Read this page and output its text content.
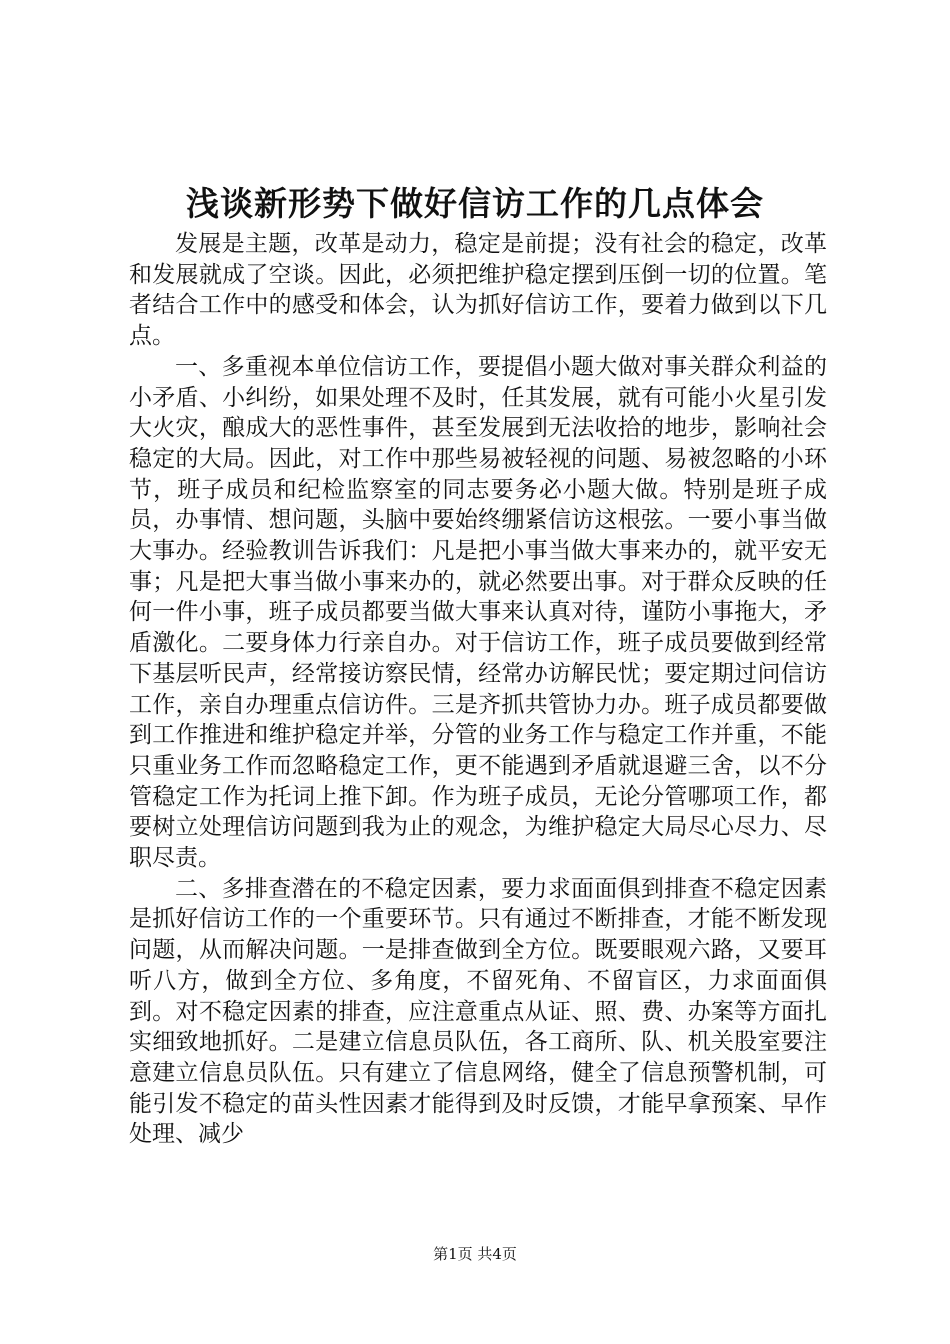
浅谈新形势下做好信访工作的几点体会

发展是主题，改革是动力，稳定是前提；没有社会的稳定，改革和发展就成了空谈。因此，必须把维护稳定摆到压倒一切的位置。笔者结合工作中的感受和体会，认为抓好信访工作，要着力做到以下几点。

一、多重视本单位信访工作，要提倡小题大做对事关群众利益的小矛盾、小纠纷，如果处理不及时，任其发展，就有可能小火星引发大火灾，酿成大的恶性事件，甚至发展到无法收拾的地步，影响社会稳定的大局。因此，对工作中那些易被轻视的问题、易被忽略的小环节，班子成员和纪检监察室的同志要务必小题大做。特别是班子成员，办事情、想问题，头脑中要始终绷紧信访这根弦。一要小事当做大事办。经验教训告诉我们：凡是把小事当做大事来办的，就平安无事；凡是把大事当做小事来办的，就必然要出事。对于群众反映的任何一件小事，班子成员都要当做大事来认真对待，谨防小事拖大，矛盾激化。二要身体力行亲自办。对于信访工作，班子成员要做到经常下基层听民声，经常接访察民情，经常办访解民忧；要定期过问信访工作，亲自办理重点信访件。三是齐抓共管协力办。班子成员都要做到工作推进和维护稳定并举，分管的业务工作与稳定工作并重，不能只重业务工作而忽略稳定工作，更不能遇到矛盾就退避三舍，以不分管稳定工作为托词上推下卸。作为班子成员，无论分管哪项工作，都要树立处理信访问题到我为止的观念，为维护稳定大局尽心尽力、尽职尽责。

二、多排查潜在的不稳定因素，要力求面面俱到排查不稳定因素是抓好信访工作的一个重要环节。只有通过不断排查，才能不断发现问题，从而解决问题。一是排查做到全方位。既要眼观六路，又要耳听八方，做到全方位、多角度，不留死角、不留盲区，力求面面俱到。对不稳定因素的排查，应注意重点从证、照、费、办案等方面扎实细致地抓好。二是建立信息员队伍，各工商所、队、机关股室要注意建立信息员队伍。只有建立了信息网络，健全了信息预警机制，可能引发不稳定的苗头性因素才能得到及时反馈，才能早拿预案、早作处理、减少

第1页 共4页
